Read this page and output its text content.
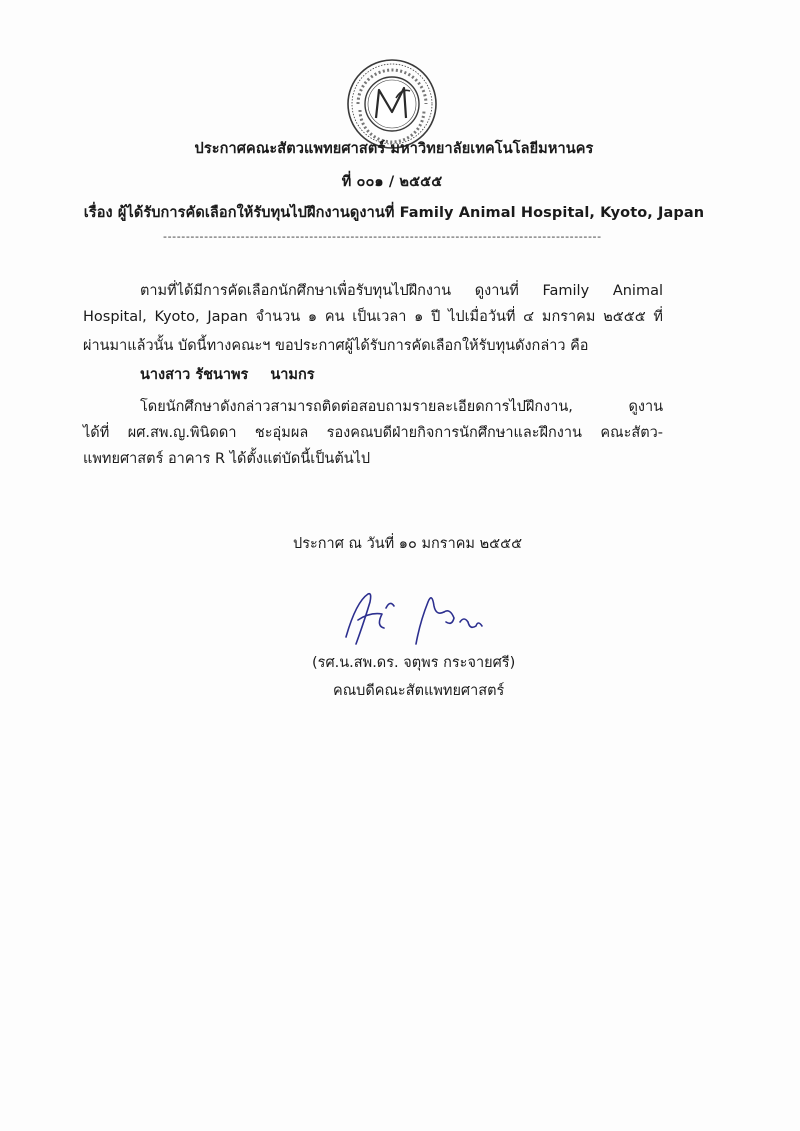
ประกาศคณะสัตวแพทยศาสตร์ มหาวิทยาลัยเทคโนโลยีมหานคร
ที่ ๐๐๑ / ๒๕๕๕
เรื่อง ผู้ได้รับการคัดเลือกให้รับทุนไปฝึกงานดูงานที่ Family Animal Hospital, Kyoto, Japan
------------------------------------------------------------------------------------------------
ตามที่ได้มีการคัดเลือกนักศึกษาเพื่อรับทุนไปฝึกงาน ดูงานที่ Family Animal
Hospital, Kyoto, Japan จำนวน ๑ คน เป็นเวลา ๑ ปี ไปเมื่อวันที่ ๔ มกราคม ๒๕๕๕ ที่
ผ่านมาแล้วนั้น บัดนี้ทางคณะฯ ขอประกาศผู้ได้รับการคัดเลือกให้รับทุนดังกล่าว คือ
นางสาว รัชนาพร นามกร
โดยนักศึกษาดังกล่าวสามารถติดต่อสอบถามรายละเอียดการไปฝึกงาน, ดูงาน
ได้ที่ ผศ.สพ.ญ.พินิดดา ชะอุ่มผล รองคณบดีฝ่ายกิจการนักศึกษาและฝึกงาน คณะสัตว-
แพทยศาสตร์ อาคาร R ได้ตั้งแต่บัดนี้เป็นต้นไป
ประกาศ ณ วันที่ ๑๐ มกราคม ๒๕๕๕
(รศ.น.สพ.ดร. จตุพร กระจายศรี)
คณบดีคณะสัตแพทยศาสตร์
